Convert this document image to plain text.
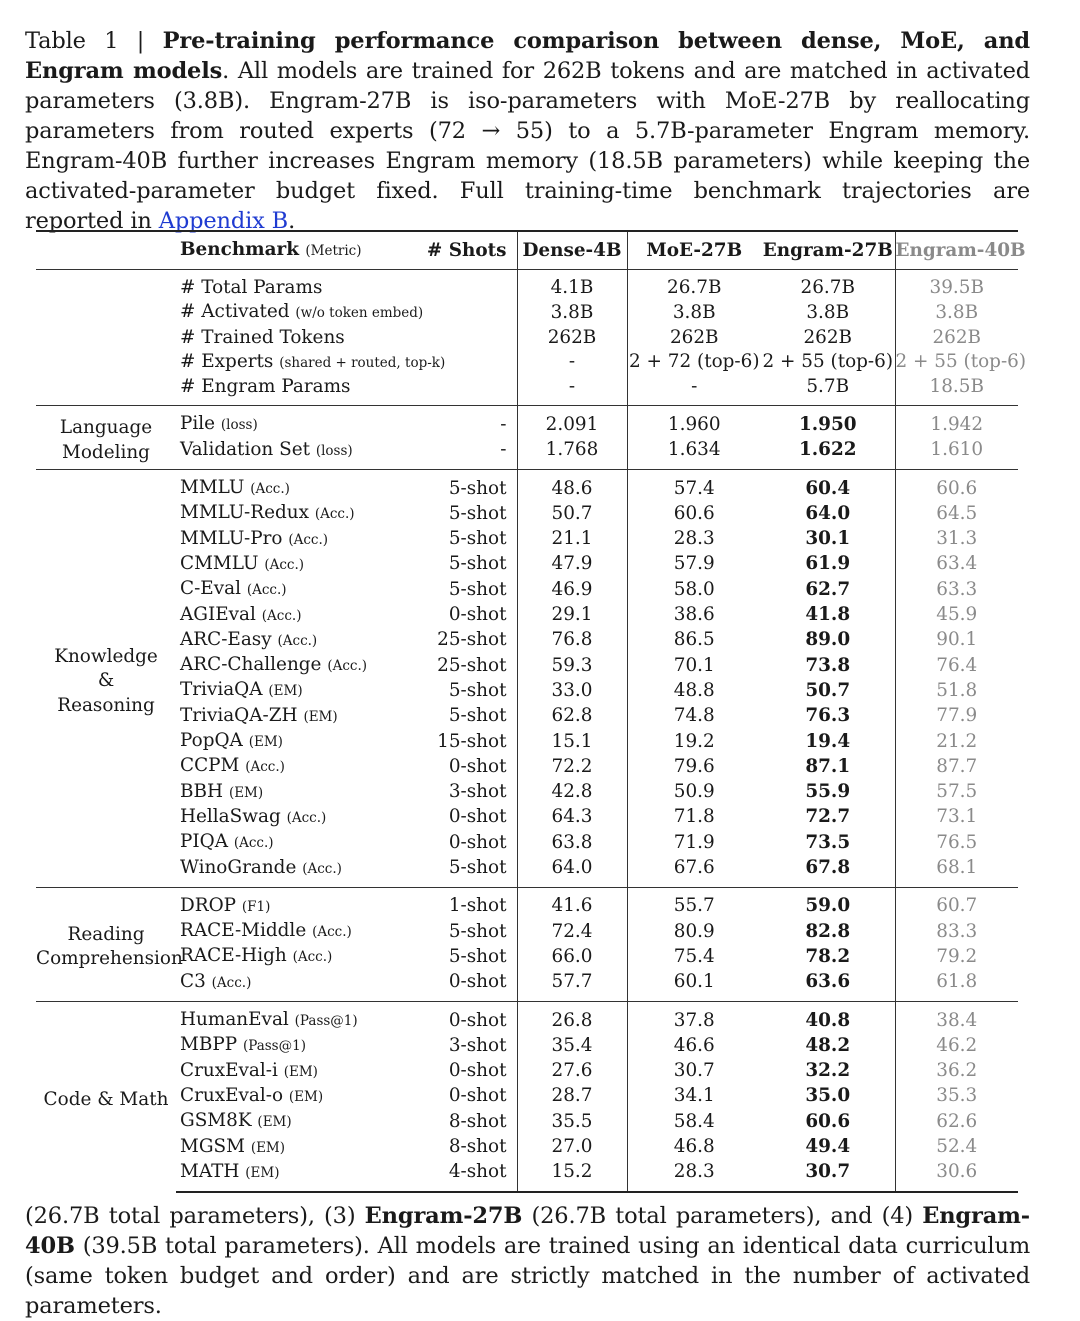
Table 1 | Pre-training performance comparison between dense, MoE, and Engram models. All models are trained for 262B tokens and are matched in activated parameters (3.8B). Engram-27B is iso-parameters with MoE-27B by reallocating parameters from routed experts (72 → 55) to a 5.7B-parameter Engram memory. Engram-40B further increases Engram memory (18.5B parameters) while keeping the activated-parameter budget fixed. Full training-time benchmark trajectories are reported in Appendix B.
	Benchmark (Metric)	# Shots	Dense-4B	MoE-27B	Engram-27B	Engram-40B
	# Total Params		4.1B	26.7B	26.7B	39.5B
	# Activated (w/o token embed)		3.8B	3.8B	3.8B	3.8B
	# Trained Tokens		262B	262B	262B	262B
	# Experts (shared + routed, top-k)		-	2 + 72 (top-6)	2 + 55 (top-6)	2 + 55 (top-6)
	# Engram Params		-	-	5.7B	18.5B

Language
Modeling	Pile (loss)	-	2.091	1.960	1.950	1.942
	Validation Set (loss)	-	1.768	1.634	1.622	1.610

Knowledge
&
Reasoning	MMLU (Acc.)	5-shot	48.6	57.4	60.4	60.6
	MMLU-Redux (Acc.)	5-shot	50.7	60.6	64.0	64.5
	MMLU-Pro (Acc.)	5-shot	21.1	28.3	30.1	31.3
	CMMLU (Acc.)	5-shot	47.9	57.9	61.9	63.4
	C-Eval (Acc.)	5-shot	46.9	58.0	62.7	63.3
	AGIEval (Acc.)	0-shot	29.1	38.6	41.8	45.9
	ARC-Easy (Acc.)	25-shot	76.8	86.5	89.0	90.1
	ARC-Challenge (Acc.)	25-shot	59.3	70.1	73.8	76.4
	TriviaQA (EM)	5-shot	33.0	48.8	50.7	51.8
	TriviaQA-ZH (EM)	5-shot	62.8	74.8	76.3	77.9
	PopQA (EM)	15-shot	15.1	19.2	19.4	21.2
	CCPM (Acc.)	0-shot	72.2	79.6	87.1	87.7
	BBH (EM)	3-shot	42.8	50.9	55.9	57.5
	HellaSwag (Acc.)	0-shot	64.3	71.8	72.7	73.1
	PIQA (Acc.)	0-shot	63.8	71.9	73.5	76.5
	WinoGrande (Acc.)	5-shot	64.0	67.6	67.8	68.1

Reading
Comprehension	DROP (F1)	1-shot	41.6	55.7	59.0	60.7
	RACE-Middle (Acc.)	5-shot	72.4	80.9	82.8	83.3
	RACE-High (Acc.)	5-shot	66.0	75.4	78.2	79.2
	C3 (Acc.)	0-shot	57.7	60.1	63.6	61.8

Code & Math	HumanEval (Pass@1)	0-shot	26.8	37.8	40.8	38.4
	MBPP (Pass@1)	3-shot	35.4	46.6	48.2	46.2
	CruxEval-i (EM)	0-shot	27.6	30.7	32.2	36.2
	CruxEval-o (EM)	0-shot	28.7	34.1	35.0	35.3
	GSM8K (EM)	8-shot	35.5	58.4	60.6	62.6
	MGSM (EM)	8-shot	27.0	46.8	49.4	52.4
	MATH (EM)	4-shot	15.2	28.3	30.7	30.6
(26.7B total parameters), (3) Engram-27B (26.7B total parameters), and (4) Engram-40B (39.5B total parameters). All models are trained using an identical data curriculum (same token budget and order) and are strictly matched in the number of activated parameters.
